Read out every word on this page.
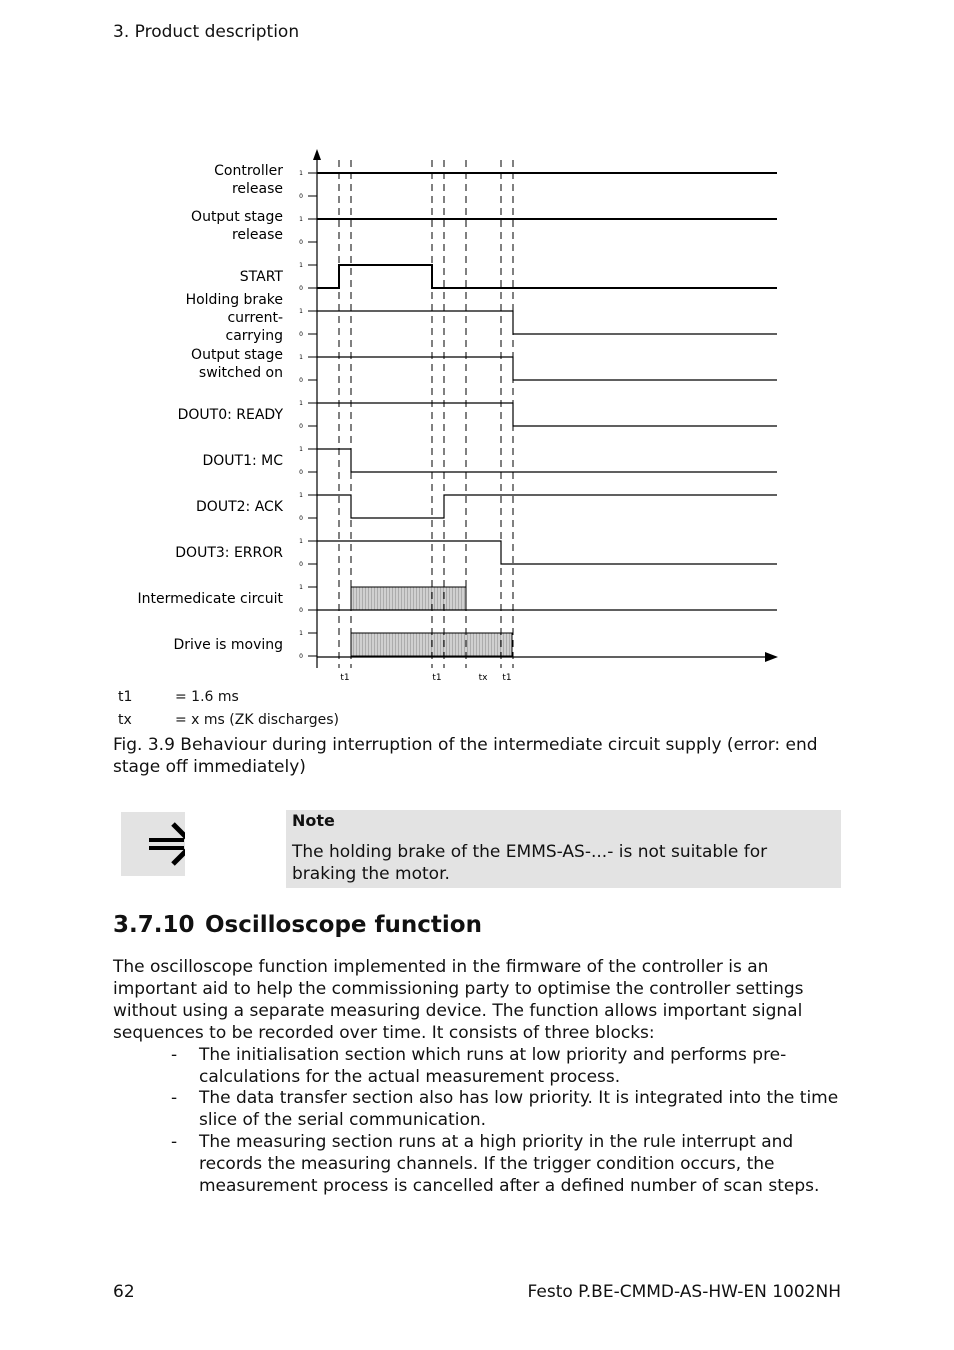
3. Product description
1
0
1
0
1
0
1
0
1
0
1
0
1
0
1
0
1
0
1
0
1
0
Controller release
Output stage release
START
Holding brake current-carrying
Output stage switched on
DOUT0: READY
DOUT1: MC
DOUT2: ACK
DOUT3: ERROR
Intermedicate circuit
Drive is moving
t1	t1	tx t1
t1	= 1.6 ms
tx	= x ms (ZK discharges)
Fig. 3.9 Behaviour during interruption of the intermediate circuit supply (error: end stage off immediately)
Note
The holding brake of the EMMS-AS-...- is not suitable for braking the motor.
3.7.10 Oscilloscope function
The oscilloscope function implemented in the firmware of the controller is an important aid to help the commissioning party to optimise the controller settings without using a separate measuring device. The function allows important signal sequences to be recorded over time. It consists of three blocks:
- The initialisation section which runs at low priority and performs pre-calculations for the actual measurement process.
- The data transfer section also has low priority. It is integrated into the time slice of the serial communication.
- The measuring section runs at a high priority in the rule interrupt and records the measuring channels. If the trigger condition occurs, the measurement process is cancelled after a defined number of scan steps.
62	Festo P.BE-CMMD-AS-HW-EN 1002NH
